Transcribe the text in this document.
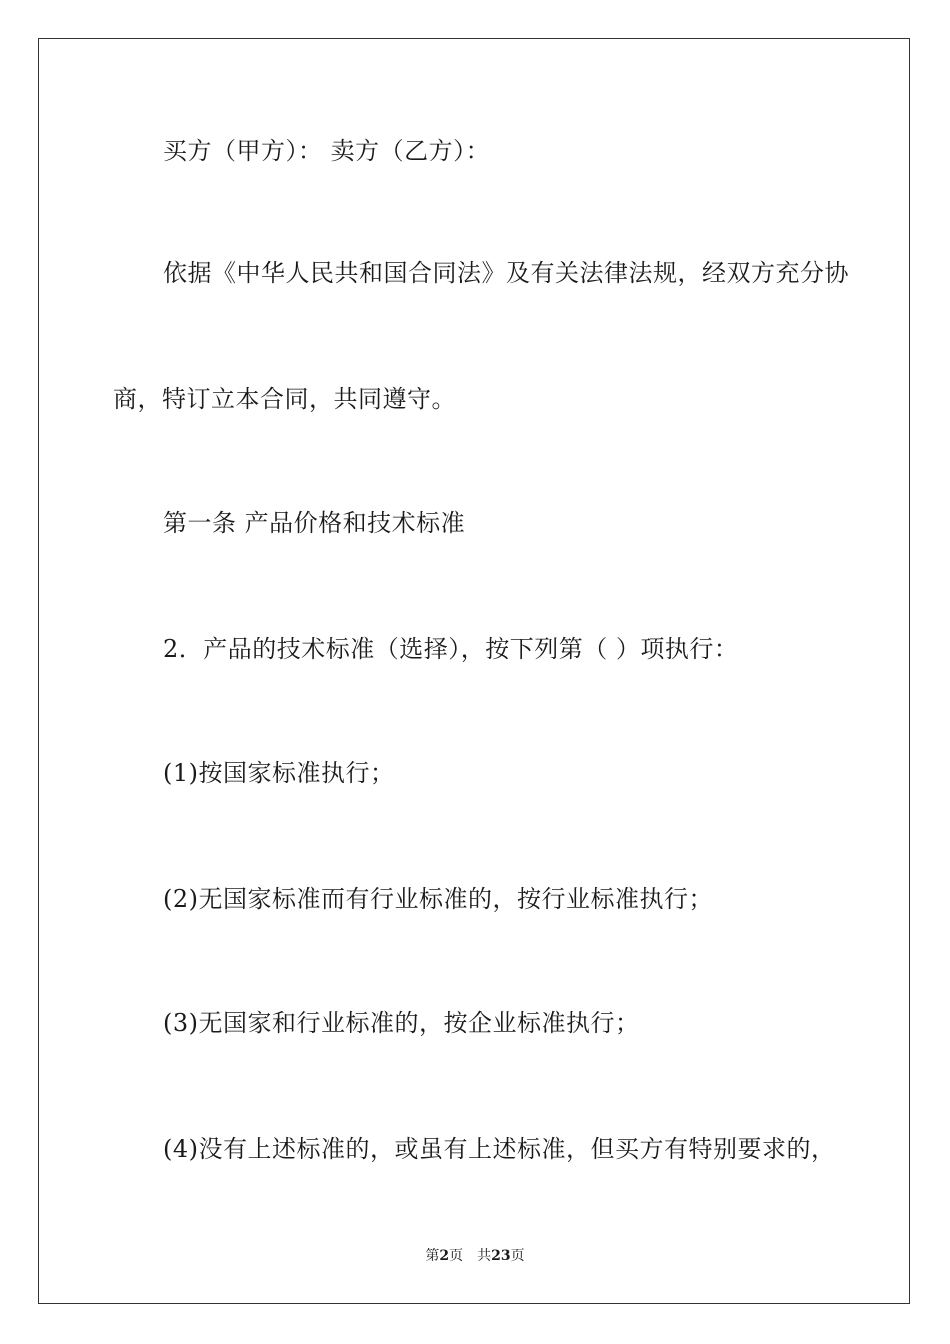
买方（甲方）： 卖方（乙方）：
依据《中华人民共和国合同法》及有关法律法规，经双方充分协
商，特订立本合同，共同遵守。
第一条 产品价格和技术标准
2．产品的技术标准（选择），按下列第（ ）项执行：
(1)按国家标准执行；
(2)无国家标准而有行业标准的，按行业标准执行；
(3)无国家和行业标准的，按企业标准执行；
(4)没有上述标准的，或虽有上述标准，但买方有特别要求的，
第2页 共23页
